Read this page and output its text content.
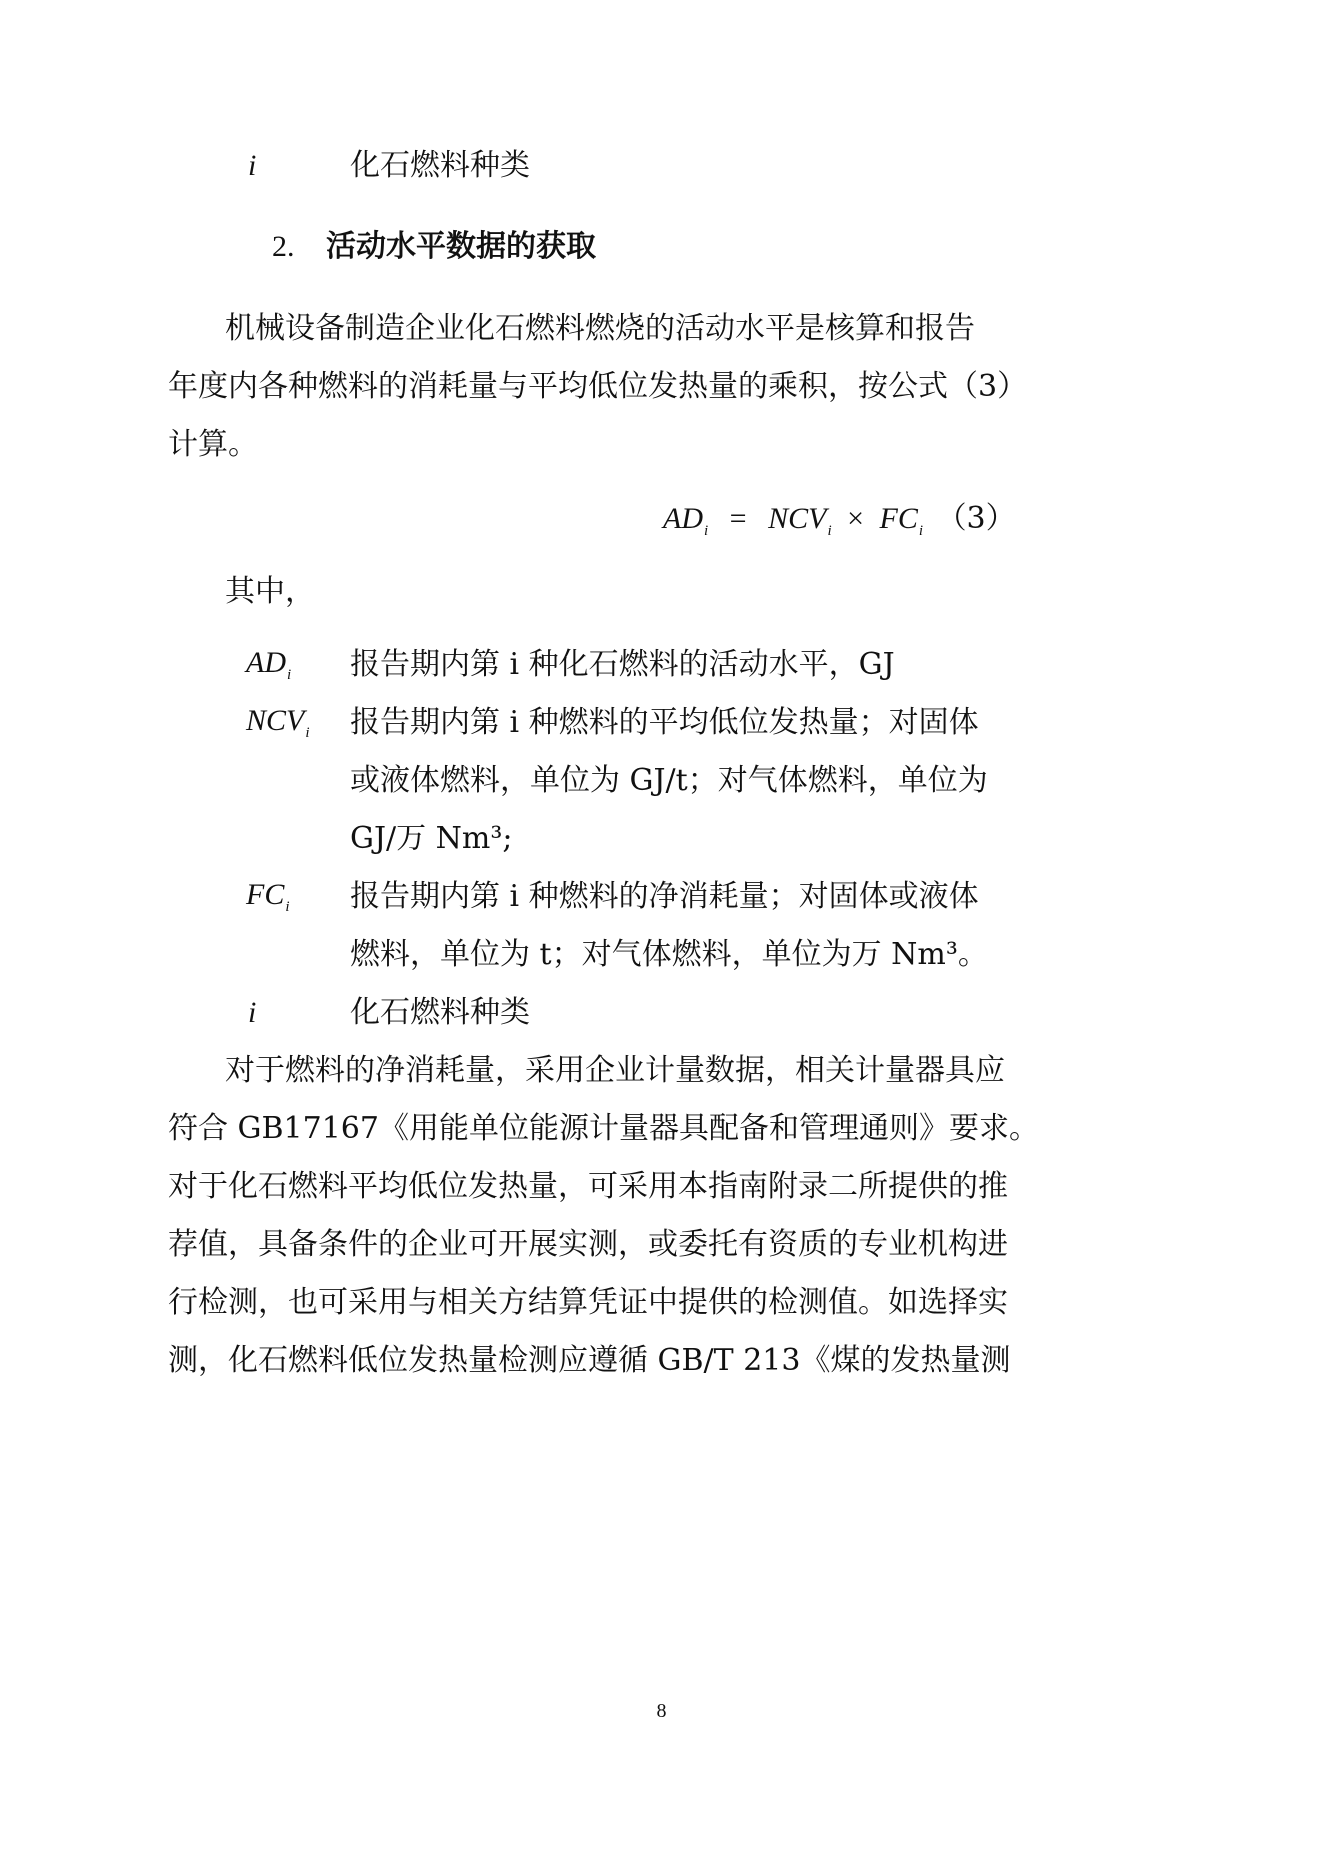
i	化石燃料种类
2. 活动水平数据的获取
机械设备制造企业化石燃料燃烧的活动水平是核算和报告
年度内各种燃料的消耗量与平均低位发热量的乘积，按公式（3）
计算。
$AD_i = NCV_i \times FC_i$ （3）
其中，
$AD_i$ 报告期内第 i 种化石燃料的活动水平，GJ
$NCV_i$ 报告期内第 i 种燃料的平均低位发热量；对固体
或液体燃料，单位为 GJ/t；对气体燃料，单位为
GJ/万 Nm³;
$FC_i$ 报告期内第 i 种燃料的净消耗量；对固体或液体
燃料，单位为 t；对气体燃料，单位为万 Nm³。
i	化石燃料种类
对于燃料的净消耗量，采用企业计量数据，相关计量器具应
符合 GB17167《用能单位能源计量器具配备和管理通则》要求。
对于化石燃料平均低位发热量，可采用本指南附录二所提供的推
荐值，具备条件的企业可开展实测，或委托有资质的专业机构进
行检测，也可采用与相关方结算凭证中提供的检测值。如选择实
测，化石燃料低位发热量检测应遵循 GB/T 213《煤的发热量测
8
